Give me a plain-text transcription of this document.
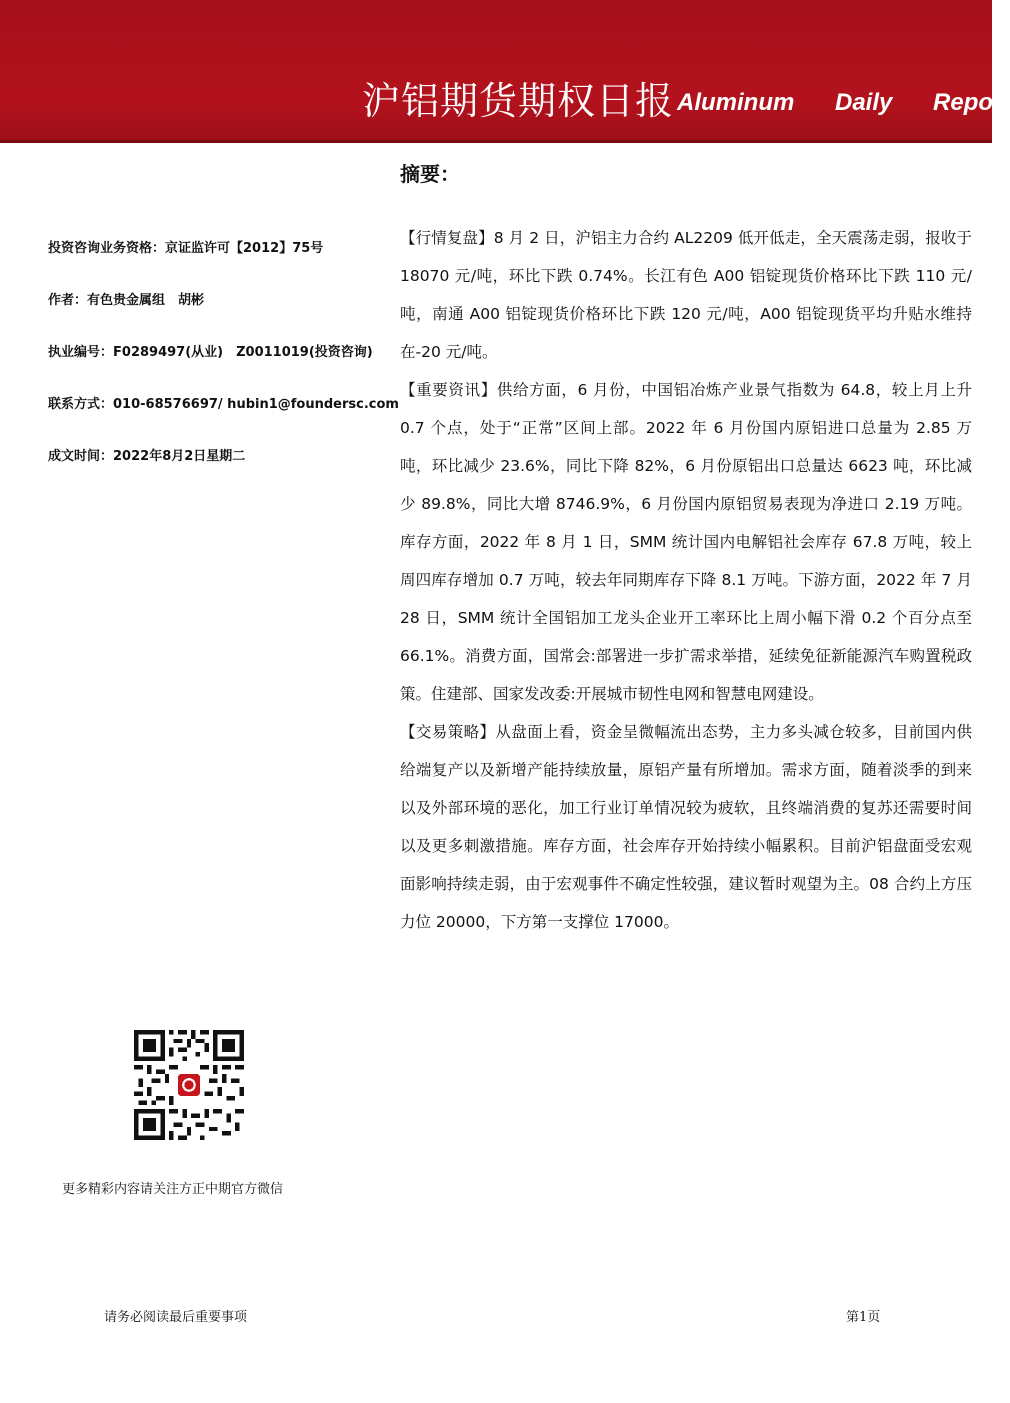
沪铝期货期权日报 Aluminum Daily Report
投资咨询业务资格：京证监许可【2012】75号
作者：有色贵金属组　胡彬
执业编号：F0289497(从业)　Z0011019(投资咨询)
联系方式：010-68576697/ hubin1@foundersc.com
成文时间：2022年8月2日星期二
更多精彩内容请关注方正中期官方微信
摘要：

【行情复盘】8 月 2 日，沪铝主力合约 AL2209 低开低走，全天震荡走弱，报收于 18070 元/吨，环比下跌 0.74%。长江有色 A00 铝锭现货价格环比下跌 110 元/吨，南通 A00 铝锭现货价格环比下跌 120 元/吨，A00 铝锭现货平均升贴水维持在-20 元/吨。

【重要资讯】供给方面，6 月份，中国铝冶炼产业景气指数为 64.8，较上月上升 0.7 个点，处于“正常”区间上部。2022 年 6 月份国内原铝进口总量为 2.85 万吨，环比减少 23.6%，同比下降 82%，6 月份原铝出口总量达 6623 吨，环比减少 89.8%，同比大增 8746.9%，6 月份国内原铝贸易表现为净进口 2.19 万吨。库存方面，2022 年 8 月 1 日，SMM 统计国内电解铝社会库存 67.8 万吨，较上周四库存增加 0.7 万吨，较去年同期库存下降 8.1 万吨。下游方面，2022 年 7 月 28 日，SMM 统计全国铝加工龙头企业开工率环比上周小幅下滑 0.2 个百分点至 66.1%。消费方面，国常会:部署进一步扩需求举措，延续免征新能源汽车购置税政策。住建部、国家发改委:开展城市韧性电网和智慧电网建设。

【交易策略】从盘面上看，资金呈微幅流出态势，主力多头减仓较多，目前国内供给端复产以及新增产能持续放量，原铝产量有所增加。需求方面，随着淡季的到来以及外部环境的恶化，加工行业订单情况较为疲软，且终端消费的复苏还需要时间以及更多刺激措施。库存方面，社会库存开始持续小幅累积。目前沪铝盘面受宏观面影响持续走弱，由于宏观事件不确定性较强，建议暂时观望为主。08 合约上方压力位 20000，下方第一支撑位 17000。

请务必阅读最后重要事项	第1页
